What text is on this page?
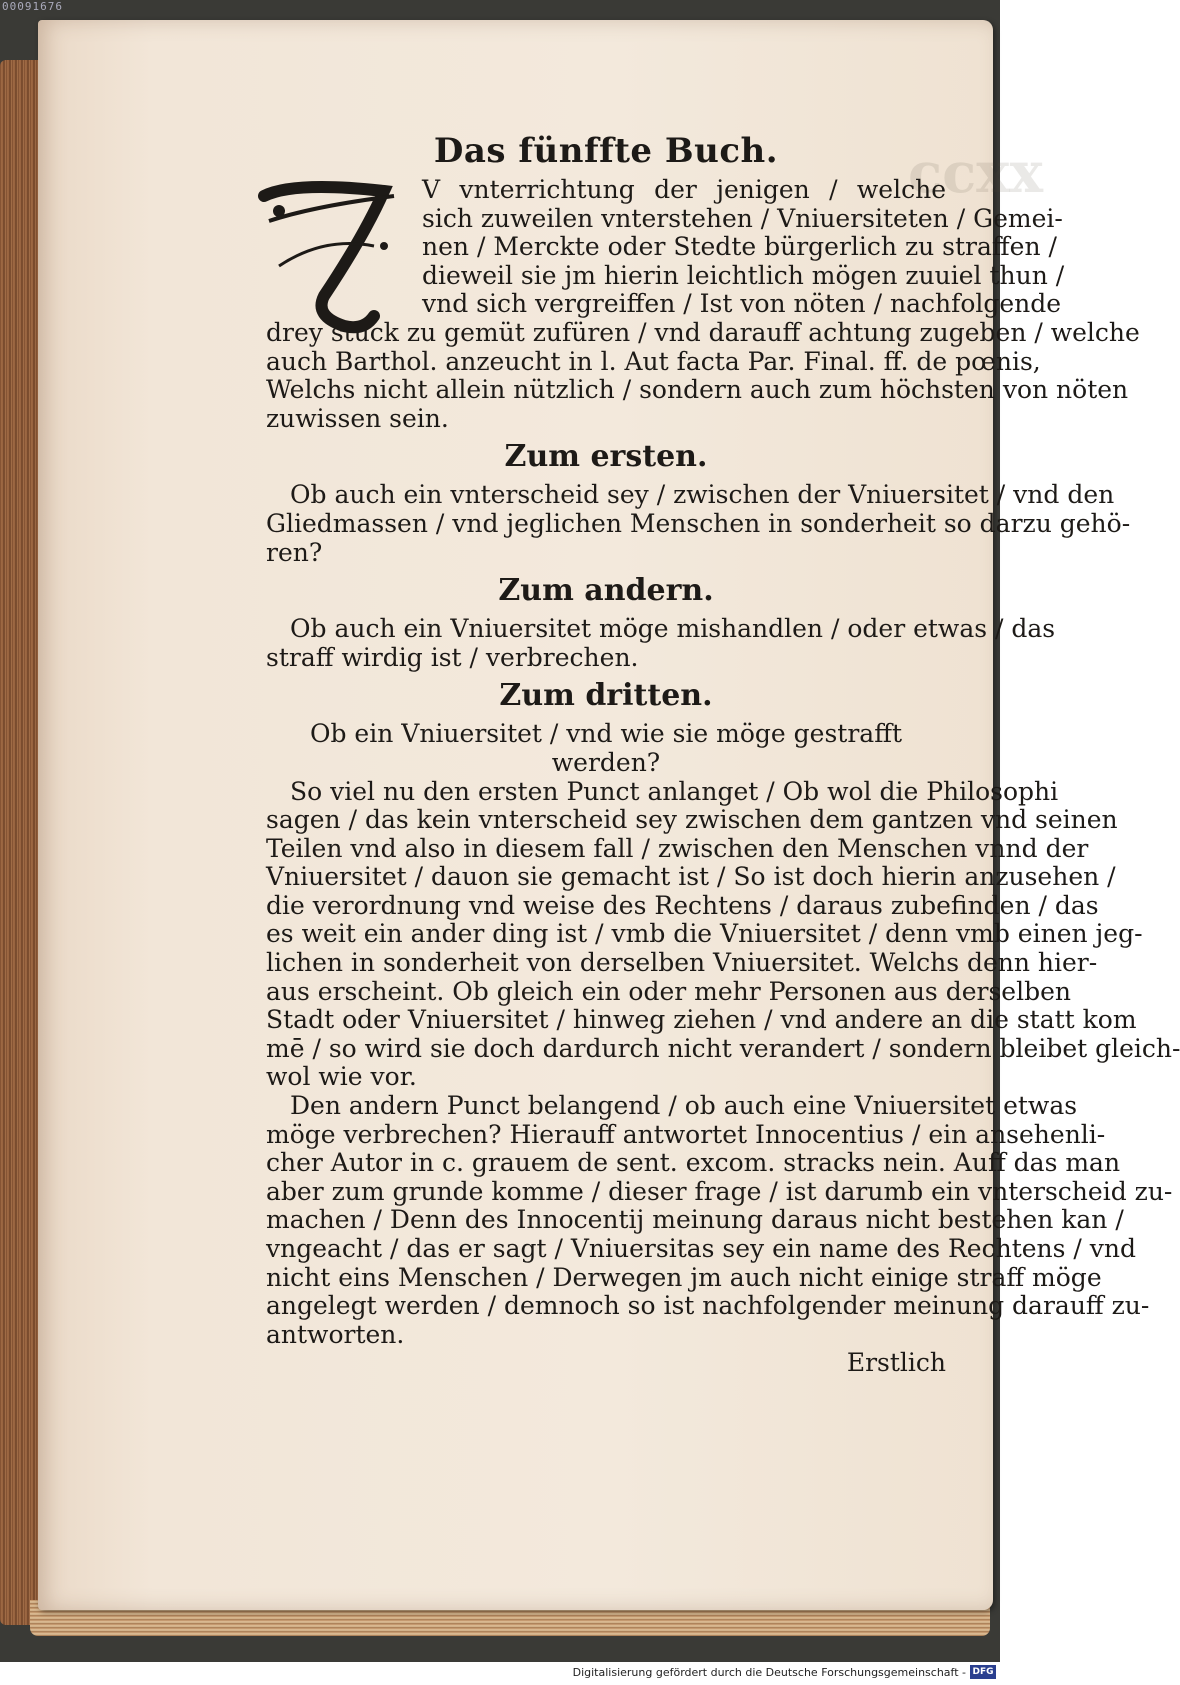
00091676
ccxx
Das fünffte Buch.
V vnterrichtung der jenigen / welche
sich zuweilen vnterstehen / Vniuersiteten / Gemei-
nen / Merckte oder Stedte bürgerlich zu straffen /
dieweil sie jm hierin leichtlich mögen zuuiel thun /
vnd sich vergreiffen / Ist von nöten / nachfolgende
drey stück zu gemüt zufüren / vnd darauff achtung zugeben / welche
auch Barthol. anzeucht in l. Aut facta Par. Final. ff. de pœnis,
Welchs nicht allein nützlich / sondern auch zum höchsten von nöten
zuwissen sein.
Zum ersten.
Ob auch ein vnterscheid sey / zwischen der Vniuersitet / vnd den
Gliedmassen / vnd jeglichen Menschen in sonderheit so darzu gehö-
ren?
Zum andern.
Ob auch ein Vniuersitet möge mishandlen / oder etwas / das
straff wirdig ist / verbrechen.
Zum dritten.
Ob ein Vniuersitet / vnd wie sie möge gestrafft werden?
So viel nu den ersten Punct anlanget / Ob wol die Philosophi
sagen / das kein vnterscheid sey zwischen dem gantzen vnd seinen
Teilen vnd also in diesem fall / zwischen den Menschen vnnd der
Vniuersitet / dauon sie gemacht ist / So ist doch hierin anzusehen /
die verordnung vnd weise des Rechtens / daraus zubefinden / das
es weit ein ander ding ist / vmb die Vniuersitet / denn vmb einen jeg-
lichen in sonderheit von derselben Vniuersitet. Welchs denn hier-
aus erscheint. Ob gleich ein oder mehr Personen aus derselben
Stadt oder Vniuersitet / hinweg ziehen / vnd andere an die statt kom
mē / so wird sie doch dardurch nicht verandert / sondern bleibet gleich-
wol wie vor.
Den andern Punct belangend / ob auch eine Vniuersitet etwas
möge verbrechen? Hierauff antwortet Innocentius / ein ansehenli-
cher Autor in c. grauem de sent. excom. stracks nein. Auff das man
aber zum grunde komme / dieser frage / ist darumb ein vnterscheid zu-
machen / Denn des Innocentij meinung daraus nicht bestehen kan /
vngeacht / das er sagt / Vniuersitas sey ein name des Rechtens / vnd
nicht eins Menschen / Derwegen jm auch nicht einige straff möge
angelegt werden / demnoch so ist nachfolgender meinung darauff zu-
antworten.
Erstlich
Digitalisierung gefördert durch die Deutsche Forschungsgemeinschaft - DFG
